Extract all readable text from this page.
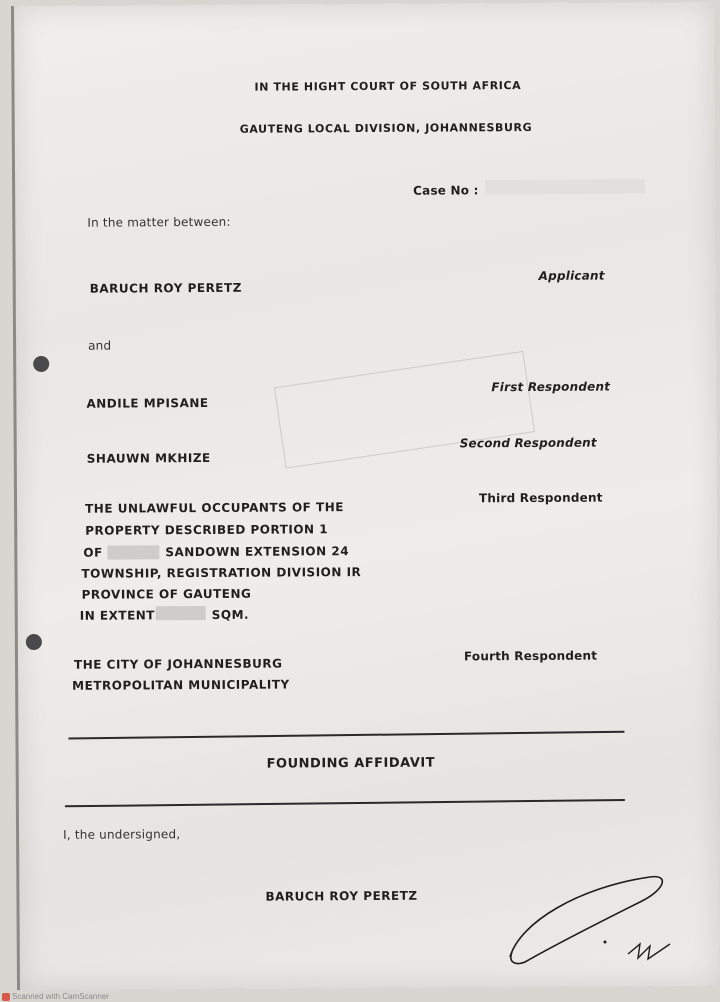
IN THE HIGHT COURT OF SOUTH AFRICA
GAUTENG LOCAL DIVISION, JOHANNESBURG
Case No :
In the matter between:
BARUCH ROY PERETZ
Applicant
and
ANDILE MPISANE
First Respondent
SHAUWN MKHIZE
Second Respondent
THE UNLAWFUL OCCUPANTS OF THE
PROPERTY DESCRIBED PORTION 1
OF	SANDOWN EXTENSION 24
TOWNSHIP, REGISTRATION DIVISION IR
PROVINCE OF GAUTENG
IN EXTENT	SQM.
Third Respondent
THE CITY OF JOHANNESBURG
METROPOLITAN MUNICIPALITY
Fourth Respondent
FOUNDING AFFIDAVIT
I, the undersigned,
BARUCH ROY PERETZ
Scanned with CamScanner
